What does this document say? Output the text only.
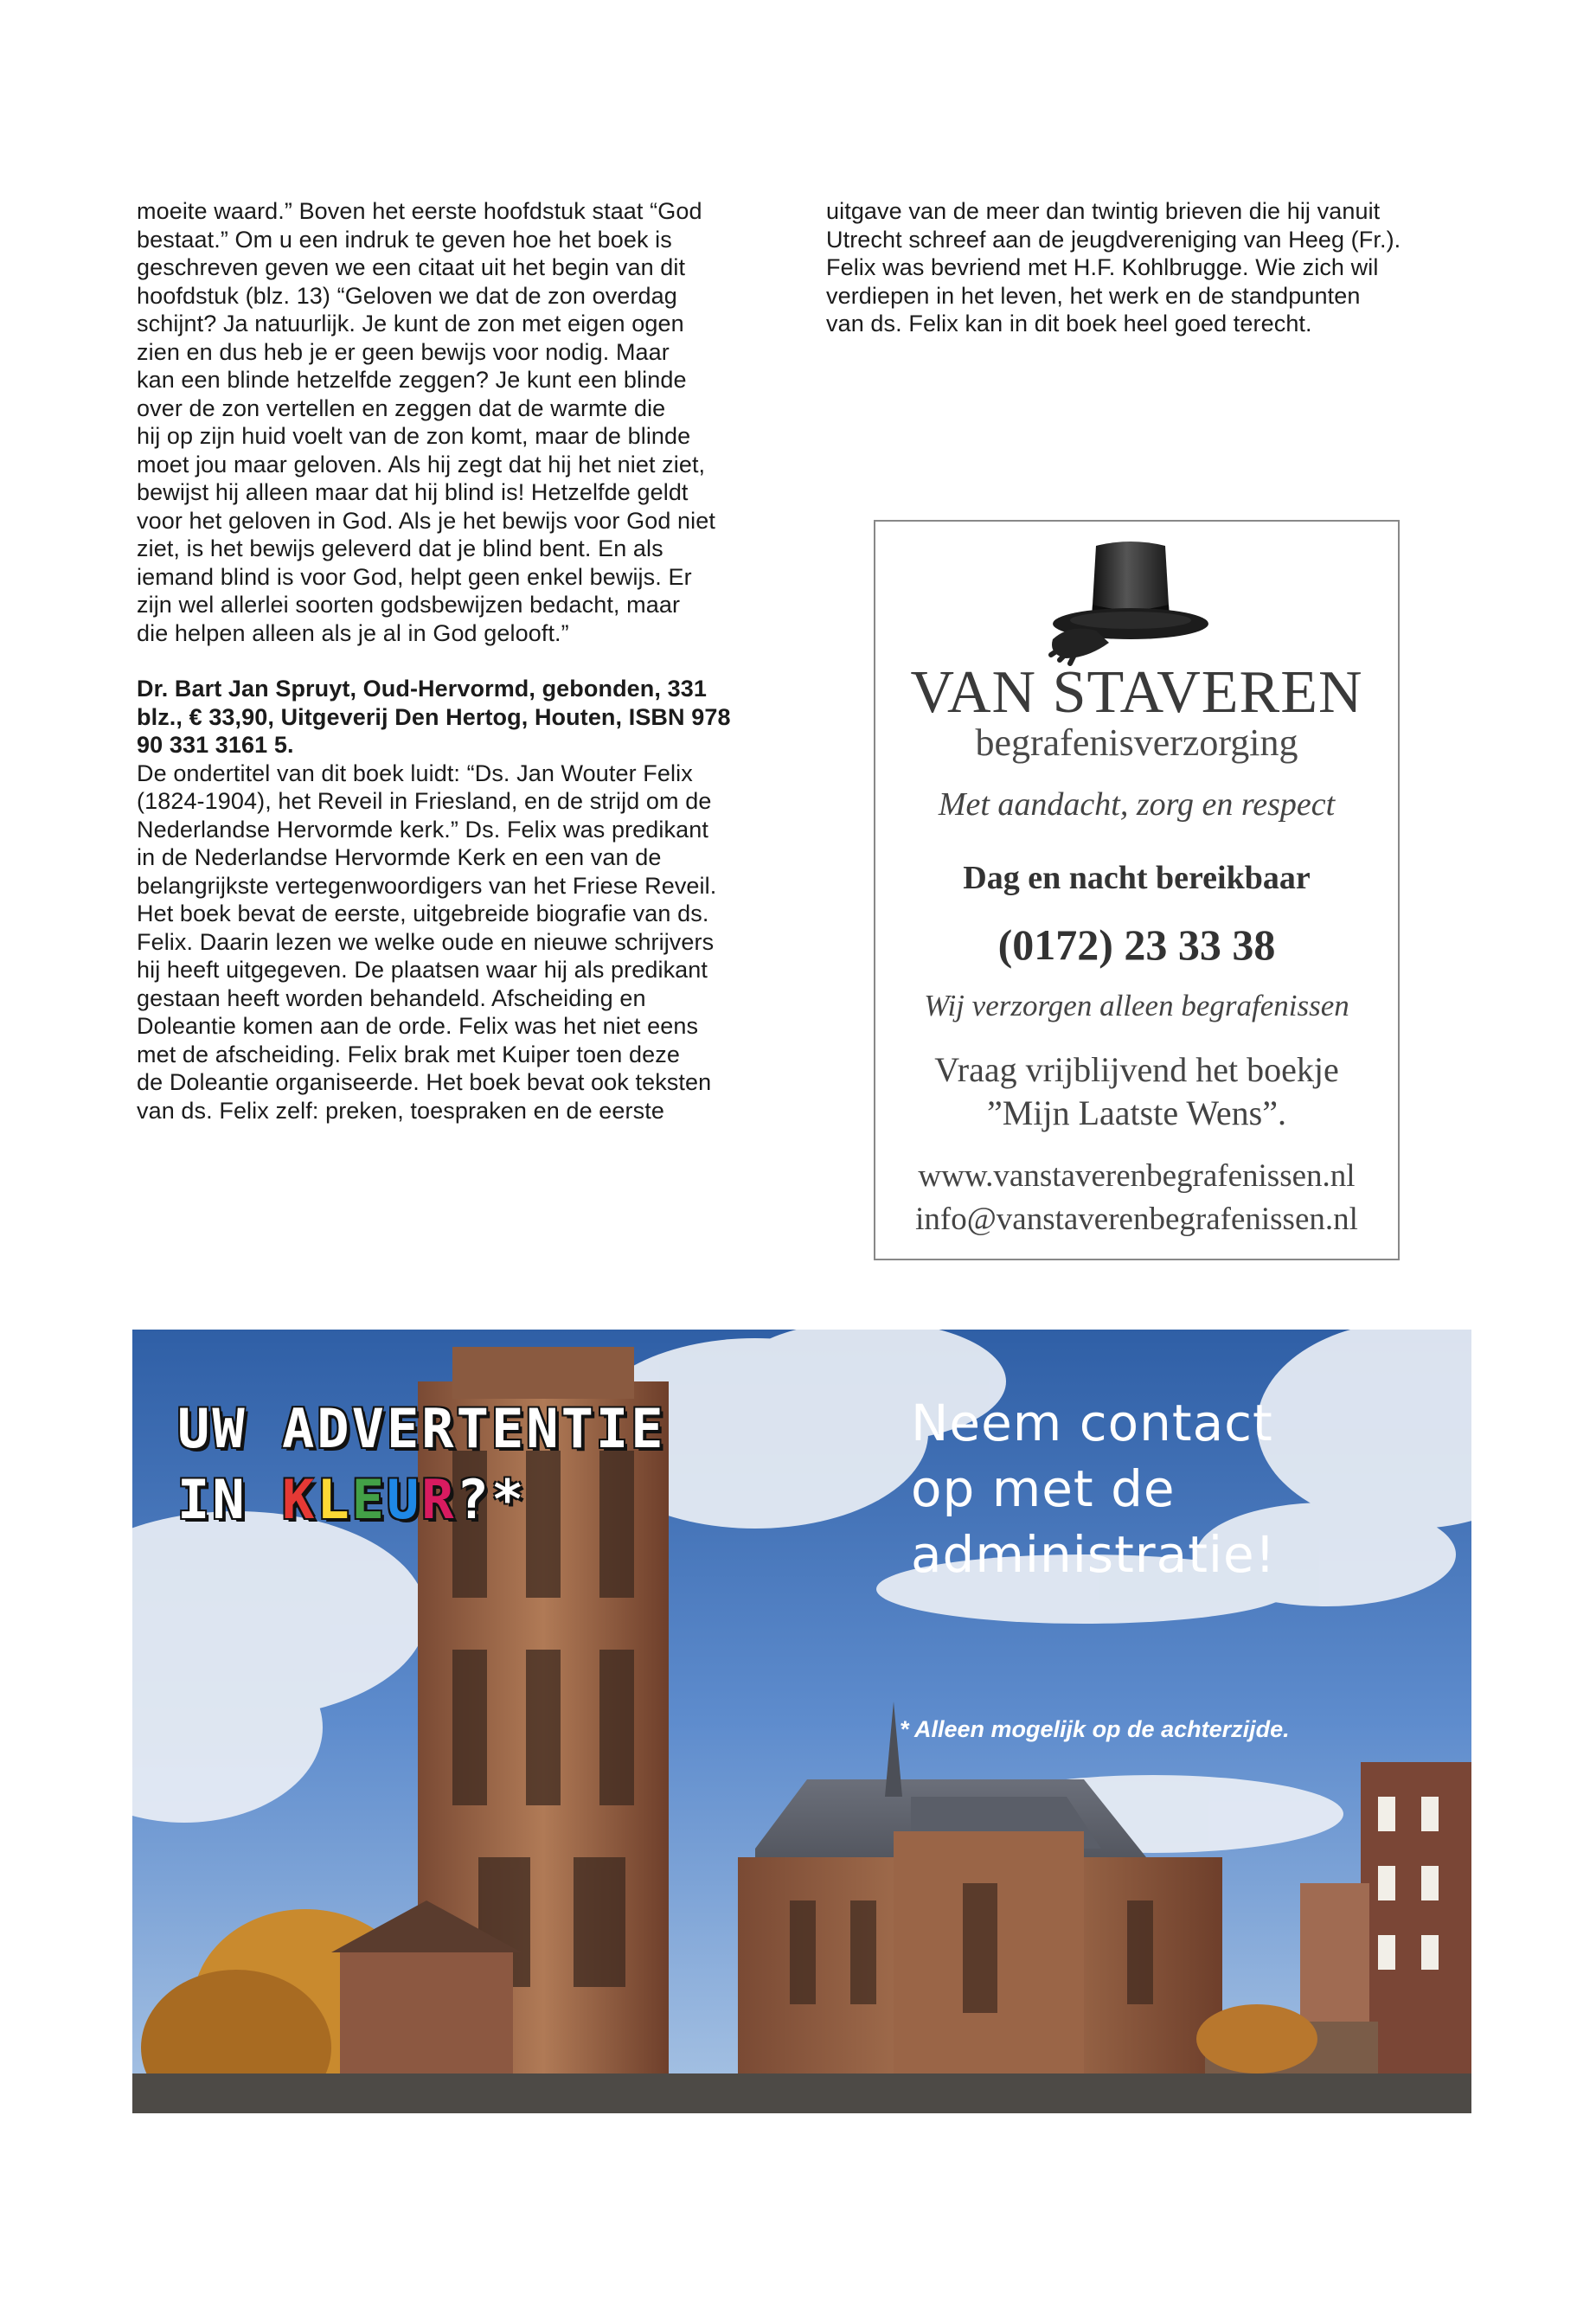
moeite waard.” Boven het eerste hoofdstuk staat “God
bestaat.” Om u een indruk te geven hoe het boek is
geschreven geven we een citaat uit het begin van dit
hoofdstuk (blz. 13) “Geloven we dat de zon overdag
schijnt? Ja natuurlijk. Je kunt de zon met eigen ogen
zien en dus heb je er geen bewijs voor nodig. Maar
kan een blinde hetzelfde zeggen? Je kunt een blinde
over de zon vertellen en zeggen dat de warmte die
hij op zijn huid voelt van de zon komt, maar de blinde
moet jou maar geloven. Als hij zegt dat hij het niet ziet,
bewijst hij alleen maar dat hij blind is! Hetzelfde geldt
voor het geloven in God. Als je het bewijs voor God niet
ziet, is het bewijs geleverd dat je blind bent. En als
iemand blind is voor God, helpt geen enkel bewijs. Er
zijn wel allerlei soorten godsbewijzen bedacht, maar
die helpen alleen als je al in God gelooft.”

Dr. Bart Jan Spruyt, Oud-Hervormd, gebonden, 331
blz., € 33,90, Uitgeverij Den Hertog, Houten, ISBN 978
90 331 3161 5.

De ondertitel van dit boek luidt: “Ds. Jan Wouter Felix
(1824-1904), het Reveil in Friesland, en de strijd om de
Nederlandse Hervormde kerk.” Ds. Felix was predikant
in de Nederlandse Hervormde Kerk en een van de
belangrijkste vertegenwoordigers van het Friese Reveil.
Het boek bevat de eerste, uitgebreide biografie van ds.
Felix. Daarin lezen we welke oude en nieuwe schrijvers
hij heeft uitgegeven. De plaatsen waar hij als predikant
gestaan heeft worden behandeld. Afscheiding en
Doleantie komen aan de orde. Felix was het niet eens
met de afscheiding. Felix brak met Kuiper toen deze
de Doleantie organiseerde. Het boek bevat ook teksten
van ds. Felix zelf: preken, toespraken en de eerste

uitgave van de meer dan twintig brieven die hij vanuit
Utrecht schreef aan de jeugdvereniging van Heeg (Fr.).
Felix was bevriend met H.F. Kohlbrugge. Wie zich wil
verdiepen in het leven, het werk en de standpunten
van ds. Felix kan in dit boek heel goed terecht.

VAN STAVEREN
begrafenisverzorging
Met aandacht, zorg en respect
Dag en nacht bereikbaar
(0172) 23 33 38
Wij verzorgen alleen begrafenissen
Vraag vrijblijvend het boekje
”Mijn Laatste Wens”.
www.vanstaverenbegrafenissen.nl
info@vanstaverenbegrafenissen.nl
UW ADVERTENTIE
IN KLEUR?*
Neem contact
op met de
administratie!
* Alleen mogelijk op de achterzijde.
